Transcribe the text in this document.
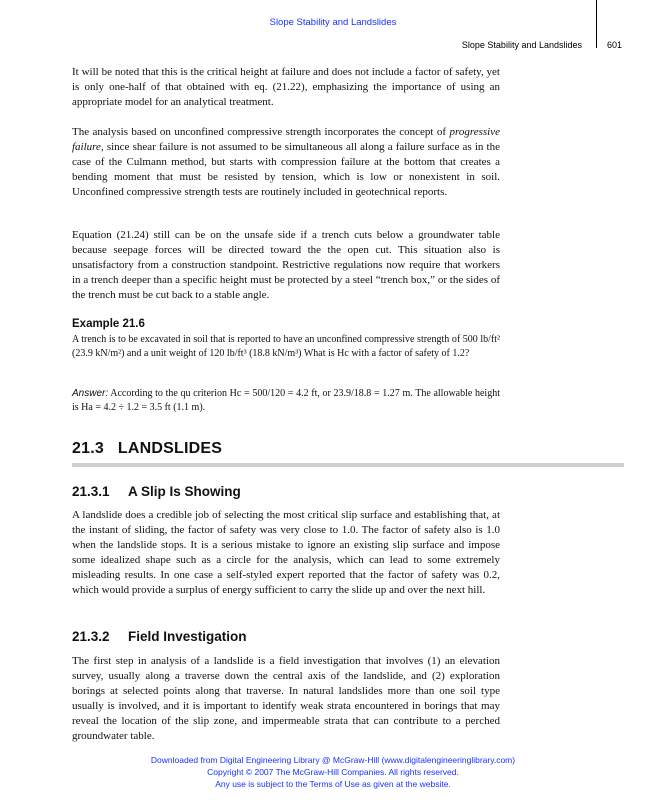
Slope Stability and Landslides
Slope Stability and Landslides	601

It will be noted that this is the critical height at failure and does not include a factor of safety, yet is only one-half of that obtained with eq. (21.22), emphasizing the importance of using an appropriate model for an analytical treatment.

The analysis based on unconfined compressive strength incorporates the concept of progressive failure, since shear failure is not assumed to be simultaneous all along a failure surface as in the case of the Culmann method, but starts with compression failure at the bottom that creates a bending moment that must be resisted by tension, which is low or nonexistent in soil. Unconfined compressive strength tests are routinely included in geotechnical reports.

Equation (21.24) still can be on the unsafe side if a trench cuts below a groundwater table because seepage forces will be directed toward the the open cut. This situation also is unsatisfactory from a construction standpoint. Restrictive regulations now require that workers in a trench deeper than a specific height must be protected by a steel “trench box,” or the sides of the trench must be cut back to a stable angle.

Example 21.6

A trench is to be excavated in soil that is reported to have an unconfined compressive strength of 500 lb/ft² (23.9 kN/m²) and a unit weight of 120 lb/ft³ (18.8 kN/m³) What is Hc with a factor of safety of 1.2?

Answer: According to the qu criterion Hc = 500/120 = 4.2 ft, or 23.9/18.8 = 1.27 m. The allowable height is Ha = 4.2 ÷ 1.2 = 3.5 ft (1.1 m).

21.3 LANDSLIDES
21.3.1 A Slip Is Showing

A landslide does a credible job of selecting the most critical slip surface and establishing that, at the instant of sliding, the factor of safety was very close to 1.0. The factor of safety also is 1.0 when the landslide stops. It is a serious mistake to ignore an existing slip surface and impose some idealized shape such as a circle for the analysis, which can lead to some extremely misleading results. In one case a self-styled expert reported that the factor of safety was 0.2, which would provide a surplus of energy sufficient to carry the slide up and over the next hill.

21.3.2 Field Investigation

The first step in analysis of a landslide is a field investigation that involves (1) an elevation survey, usually along a traverse down the central axis of the landslide, and (2) exploration borings at selected points along that traverse. In natural landslides more than one soil type usually is involved, and it is important to identify weak strata encountered in borings that may reveal the location of the slip zone, and impermeable strata that can contribute to a perched groundwater table.

Downloaded from Digital Engineering Library @ McGraw-Hill (www.digitalengineeringlibrary.com)
Copyright © 2007 The McGraw-Hill Companies. All rights reserved.
Any use is subject to the Terms of Use as given at the website.
